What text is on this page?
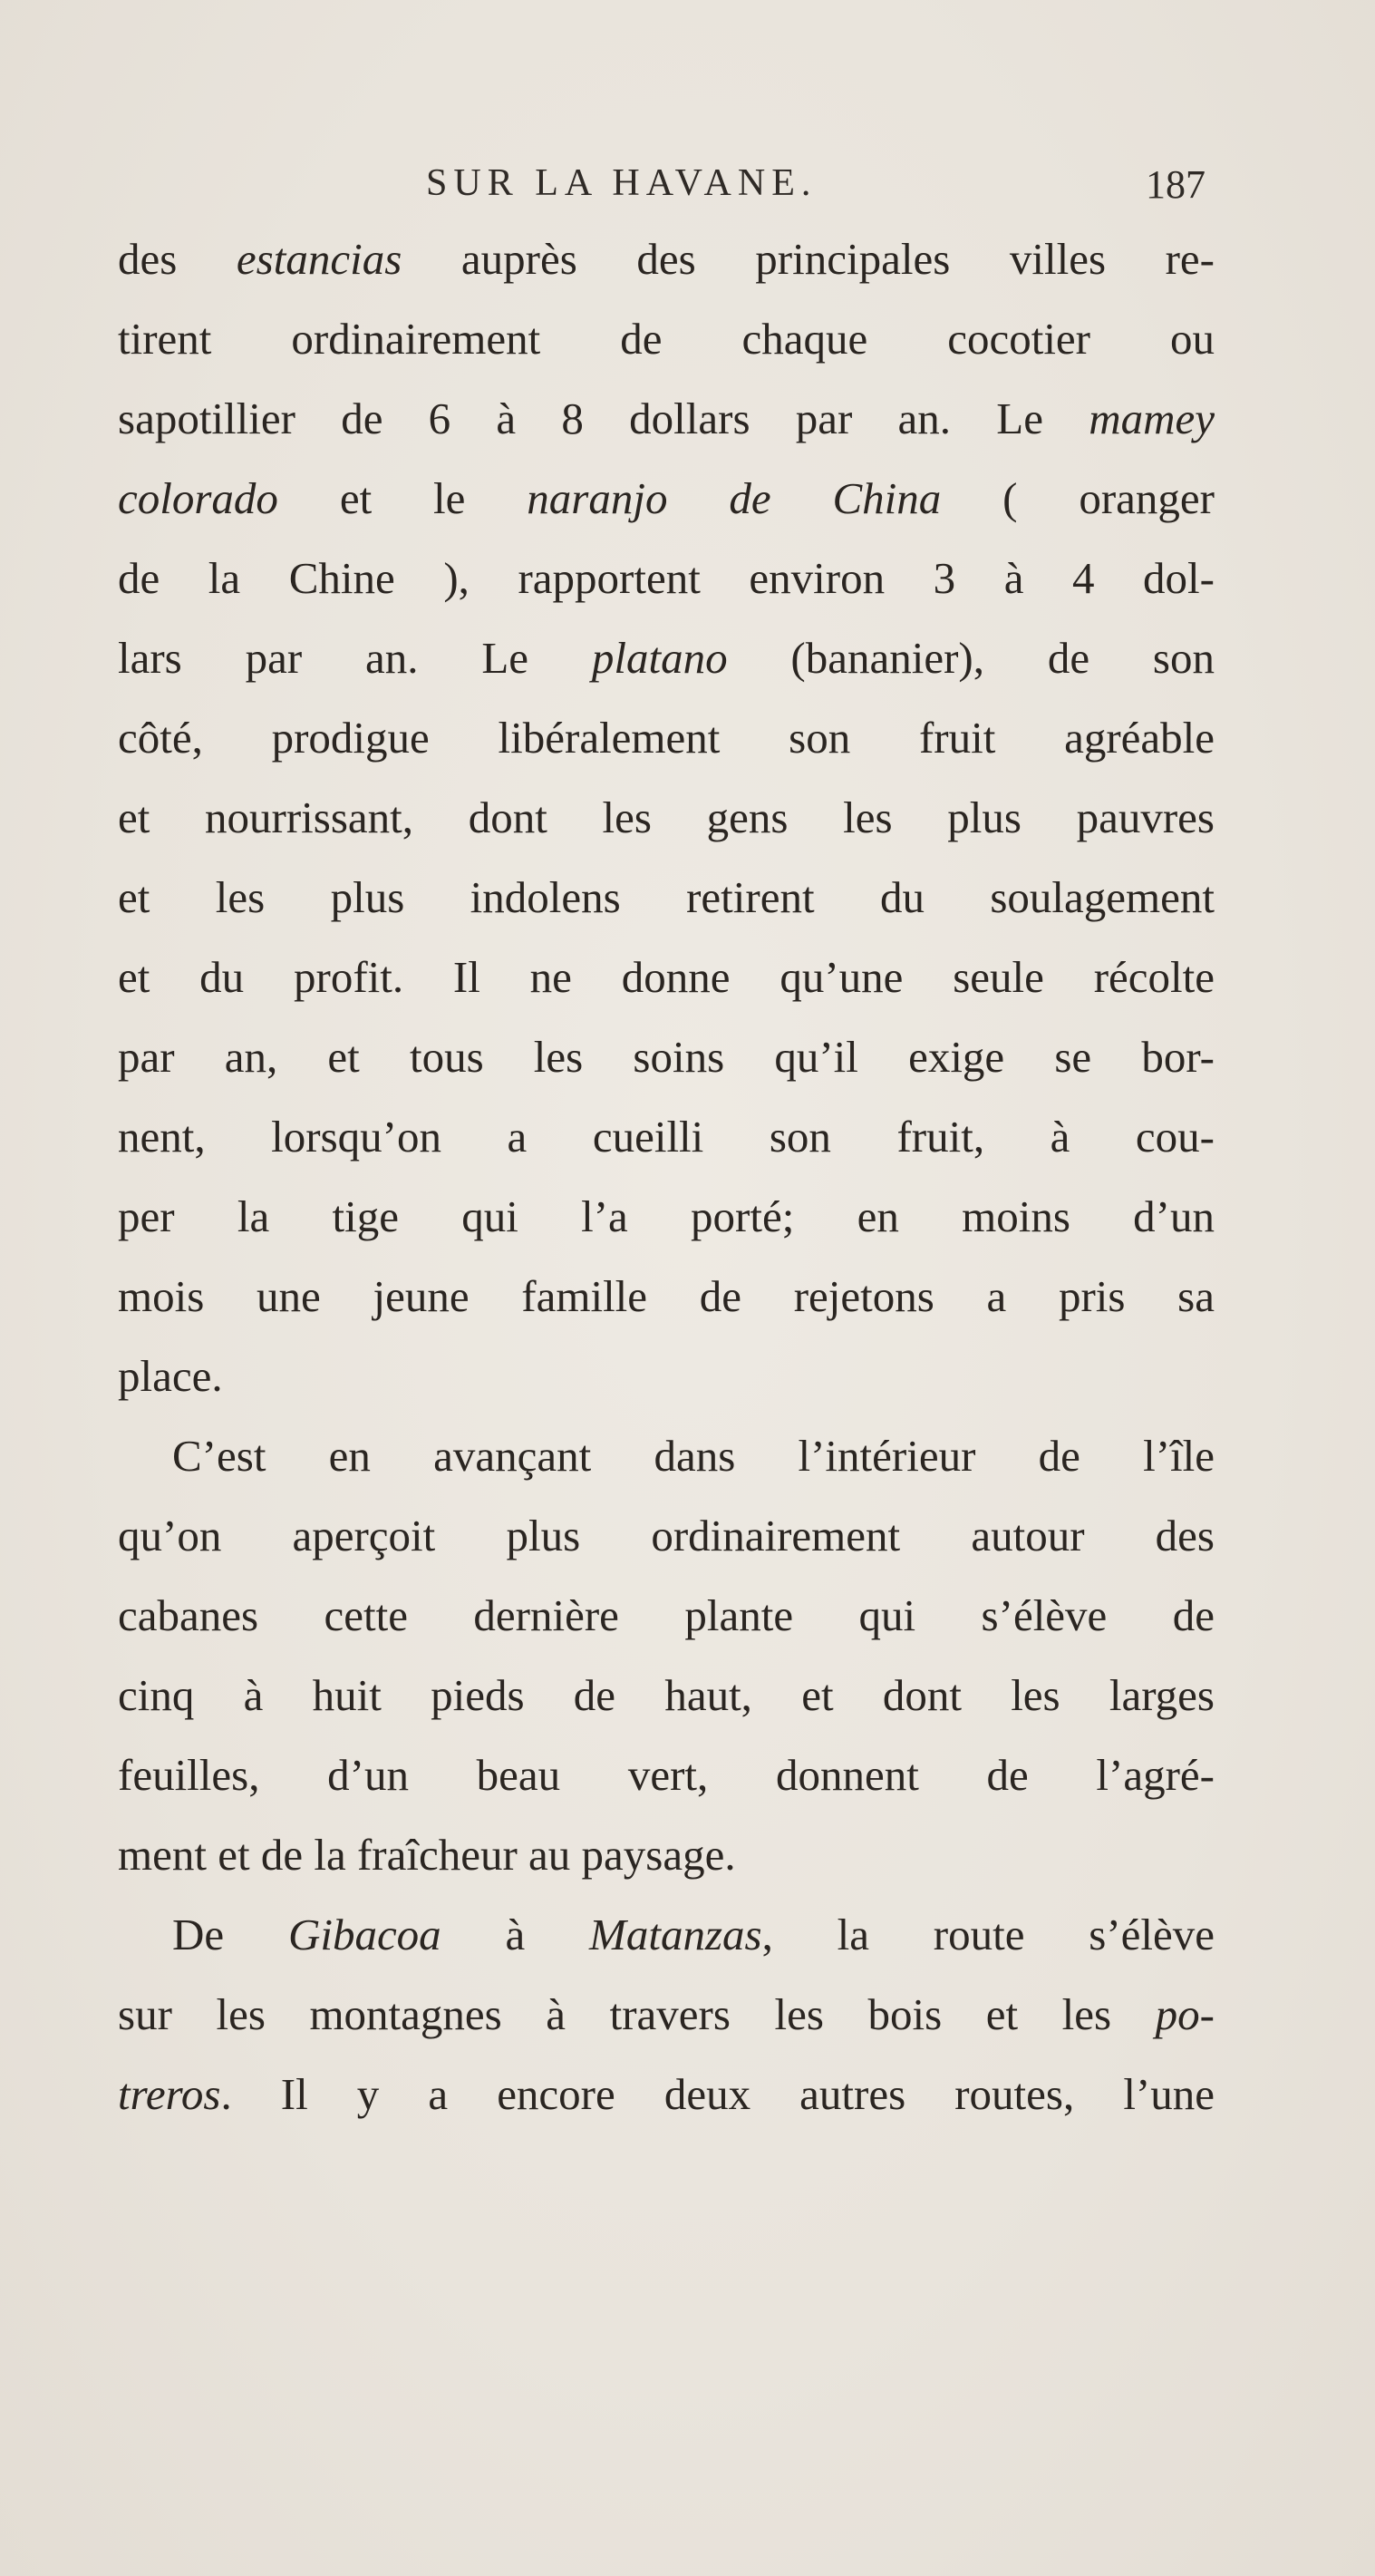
SUR LA HAVANE.	187
des estancias auprès des principales villes re-
tirent ordinairement de chaque cocotier ou
sapotillier de 6 à 8 dollars par an. Le mamey
colorado et le naranjo de China ( oranger
de la Chine ), rapportent environ 3 à 4 dol-
lars par an. Le platano (bananier), de son
côté, prodigue libéralement son fruit agréable
et nourrissant, dont les gens les plus pauvres
et les plus indolens retirent du soulagement
et du profit. Il ne donne qu’une seule récolte
par an, et tous les soins qu’il exige se bor-
nent, lorsqu’on a cueilli son fruit, à cou-
per la tige qui l’a porté; en moins d’un
mois une jeune famille de rejetons a pris sa
place.
C’est en avançant dans l’intérieur de l’île
qu’on aperçoit plus ordinairement autour des
cabanes cette dernière plante qui s’élève de
cinq à huit pieds de haut, et dont les larges
feuilles, d’un beau vert, donnent de l’agré-
ment et de la fraîcheur au paysage.
De Gibacoa à Matanzas, la route s’élève
sur les montagnes à travers les bois et les po-
treros. Il y a encore deux autres routes, l’une
